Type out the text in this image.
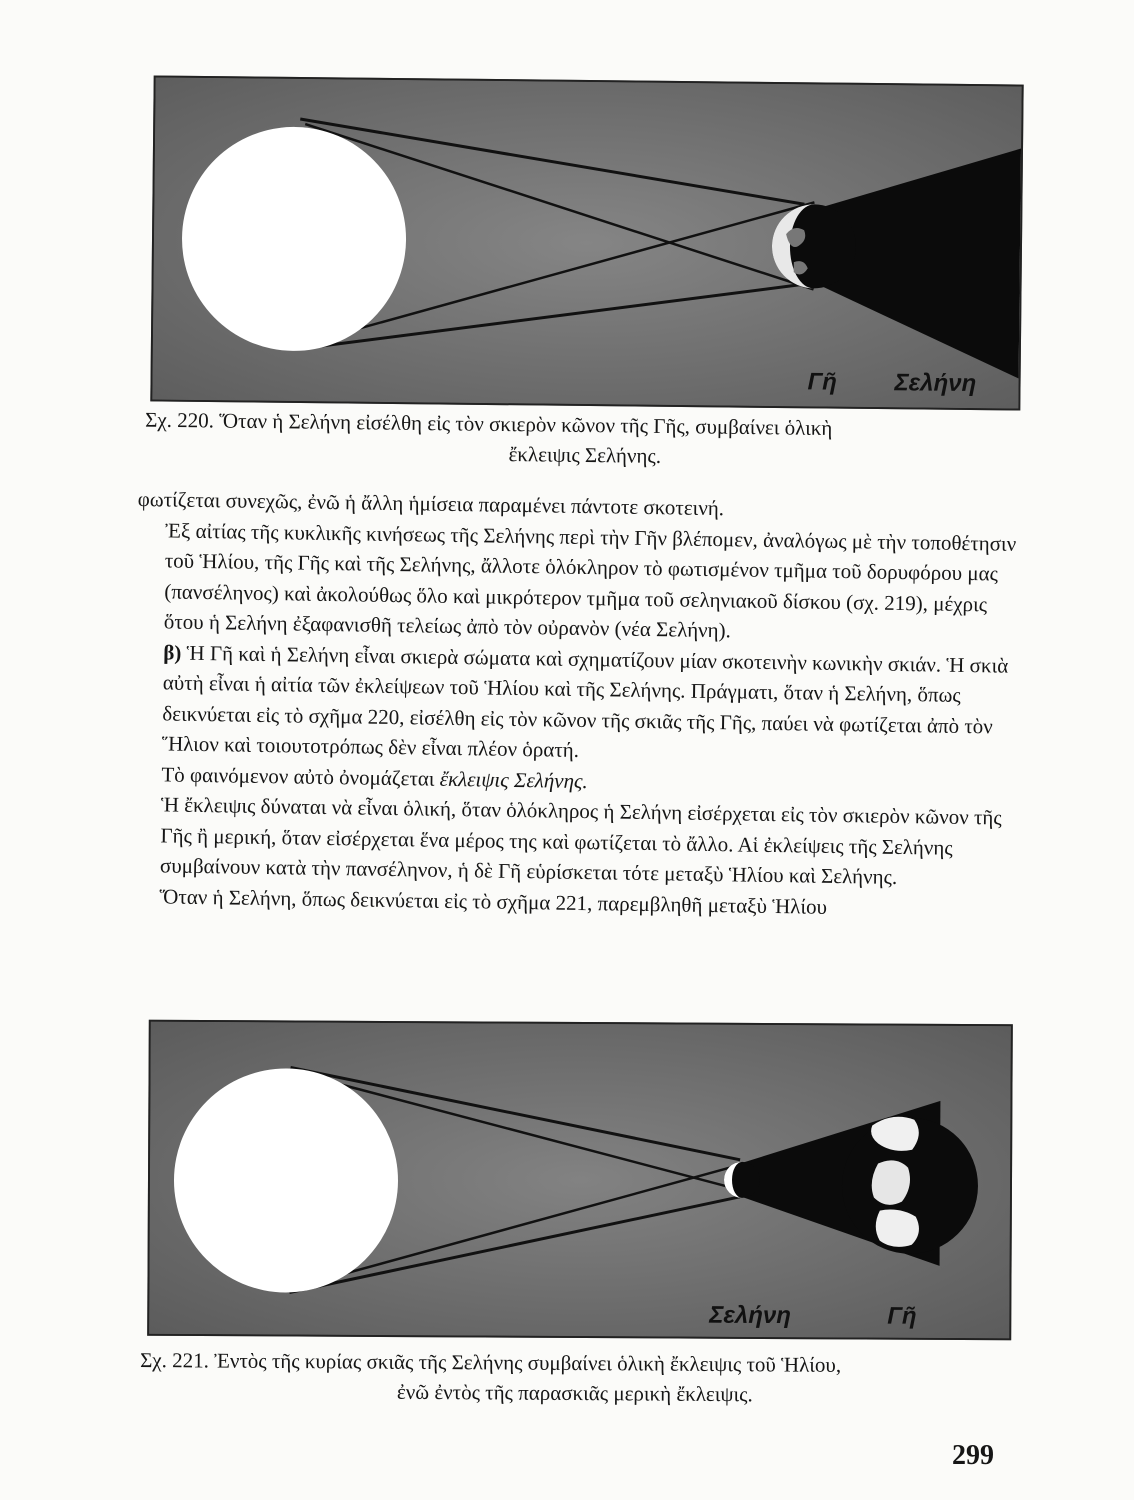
Γῆ Σελήνη
Σχ. 220. Ὅταν ἡ Σελήνη εἰσέλθη εἰς τὸν σκιερὸν κῶνον τῆς Γῆς, συμβαίνει ὁλικὴ
ἔκλειψις Σελήνης.
φωτίζεται συνεχῶς, ἐνῶ ἡ ἄλλη ἡμίσεια παραμένει πάντοτε σκοτεινή.
Ἐξ αἰτίας τῆς κυκλικῆς κινήσεως τῆς Σελήνης περὶ τὴν Γῆν βλέπομεν, ἀναλόγως μὲ τὴν τοποθέτησιν τοῦ Ἡλίου, τῆς Γῆς καὶ τῆς Σελήνης, ἄλλοτε ὁλόκληρον τὸ φωτισμένον τμῆμα τοῦ δορυφόρου μας (πανσέληνος) καὶ ἀκολούθως ὅλο καὶ μικρότερον τμῆμα τοῦ σεληνιακοῦ δίσκου (σχ. 219), μέχρις ὅτου ἡ Σελήνη ἐξαφανισθῆ τελείως ἀπὸ τὸν οὐρανὸν (νέα Σελήνη).
β) Ἡ Γῆ καὶ ἡ Σελήνη εἶναι σκιερὰ σώματα καὶ σχηματίζουν μίαν σκοτεινὴν κωνικὴν σκιάν. Ἡ σκιὰ αὐτὴ εἶναι ἡ αἰτία τῶν ἐκλείψεων τοῦ Ἡλίου καὶ τῆς Σελήνης. Πράγματι, ὅταν ἡ Σελήνη, ὅπως δεικνύεται εἰς τὸ σχῆμα 220, εἰσέλθη εἰς τὸν κῶνον τῆς σκιᾶς τῆς Γῆς, παύει νὰ φωτίζεται ἀπὸ τὸν Ἥλιον καὶ τοιουτοτρόπως δὲν εἶναι πλέον ὁρατή.
Τὸ φαινόμενον αὐτὸ ὀνομάζεται ἔκλειψις Σελήνης.
Ἡ ἔκλειψις δύναται νὰ εἶναι ὁλική, ὅταν ὁλόκληρος ἡ Σελήνη εἰσέρχεται εἰς τὸν σκιερὸν κῶνον τῆς Γῆς ἢ μερική, ὅταν εἰσέρχεται ἕνα μέρος της καὶ φωτίζεται τὸ ἄλλο. Αἱ ἐκλείψεις τῆς Σελήνης συμβαίνουν κατὰ τὴν πανσέληνον, ἡ δὲ Γῆ εὑρίσκεται τότε μεταξὺ Ἡλίου καὶ Σελήνης.
Ὅταν ἡ Σελήνη, ὅπως δεικνύεται εἰς τὸ σχῆμα 221, παρεμβληθῆ μεταξὺ Ἡλίου
Σελήνη	Γῆ
Σχ. 221. Ἐντὸς τῆς κυρίας σκιᾶς τῆς Σελήνης συμβαίνει ὁλικὴ ἔκλειψις τοῦ Ἡλίου,
ἐνῶ ἐντὸς τῆς παρασκιᾶς μερικὴ ἔκλειψις.
299
